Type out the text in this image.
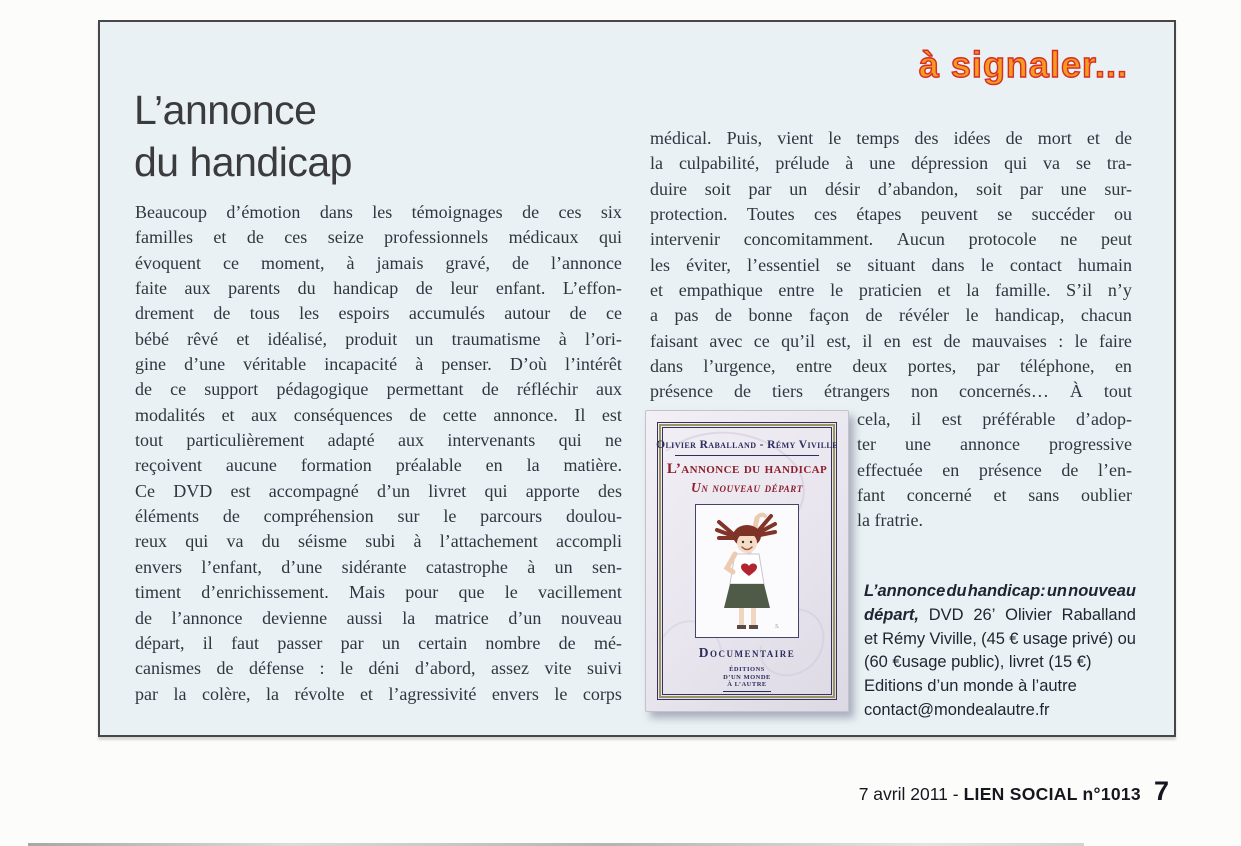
à signaler...
L’annonce
du handicap
Beaucoup d’émotion dans les témoignages de ces six
familles et de ces seize professionnels médicaux qui
évoquent ce moment, à jamais gravé, de l’annonce
faite aux parents du handicap de leur enfant. L’effon-
drement de tous les espoirs accumulés autour de ce
bébé rêvé et idéalisé, produit un traumatisme à l’ori-
gine d’une véritable incapacité à penser. D’où l’intérêt
de ce support pédagogique permettant de réfléchir aux
modalités et aux conséquences de cette annonce. Il est
tout particulièrement adapté aux intervenants qui ne
reçoivent aucune formation préalable en la matière.
Ce DVD est accompagné d’un livret qui apporte des
éléments de compréhension sur le parcours doulou-
reux qui va du séisme subi à l’attachement accompli
envers l’enfant, d’une sidérante catastrophe à un sen-
timent d’enrichissement. Mais pour que le vacillement
de l’annonce devienne aussi la matrice d’un nouveau
départ, il faut passer par un certain nombre de mé-
canismes de défense : le déni d’abord, assez vite suivi
par la colère, la révolte et l’agressivité envers le corps
médical. Puis, vient le temps des idées de mort et de
la culpabilité, prélude à une dépression qui va se tra-
duire soit par un désir d’abandon, soit par une sur-
protection. Toutes ces étapes peuvent se succéder ou
intervenir concomitamment. Aucun protocole ne peut
les éviter, l’essentiel se situant dans le contact humain
et empathique entre le praticien et la famille. S’il n’y
a pas de bonne façon de révéler le handicap, chacun
faisant avec ce qu’il est, il en est de mauvaises : le faire
dans l’urgence, entre deux portes, par téléphone, en
présence de tiers étrangers non concernés… À tout
cela, il est préférable d’adop-
ter une annonce progressive
effectuée en présence de l’en-
fant concerné et sans oublier
la fratrie.
Olivier Raballand - Rémy Viville
L’annonce du handicap
Un nouveau départ
S.
Documentaire
ÉDITIONS
D’UN MONDE
À L’AUTRE
L’annonce du handicap: un nouveau
départ, DVD 26’ Olivier Raballand
et Rémy Viville, (45 € usage privé) ou
(60 €usage public), livret (15 €)
Editions d’un monde à l’autre
contact@mondealautre.fr
7 avril 2011 - LIEN SOCIAL n°1013 7
